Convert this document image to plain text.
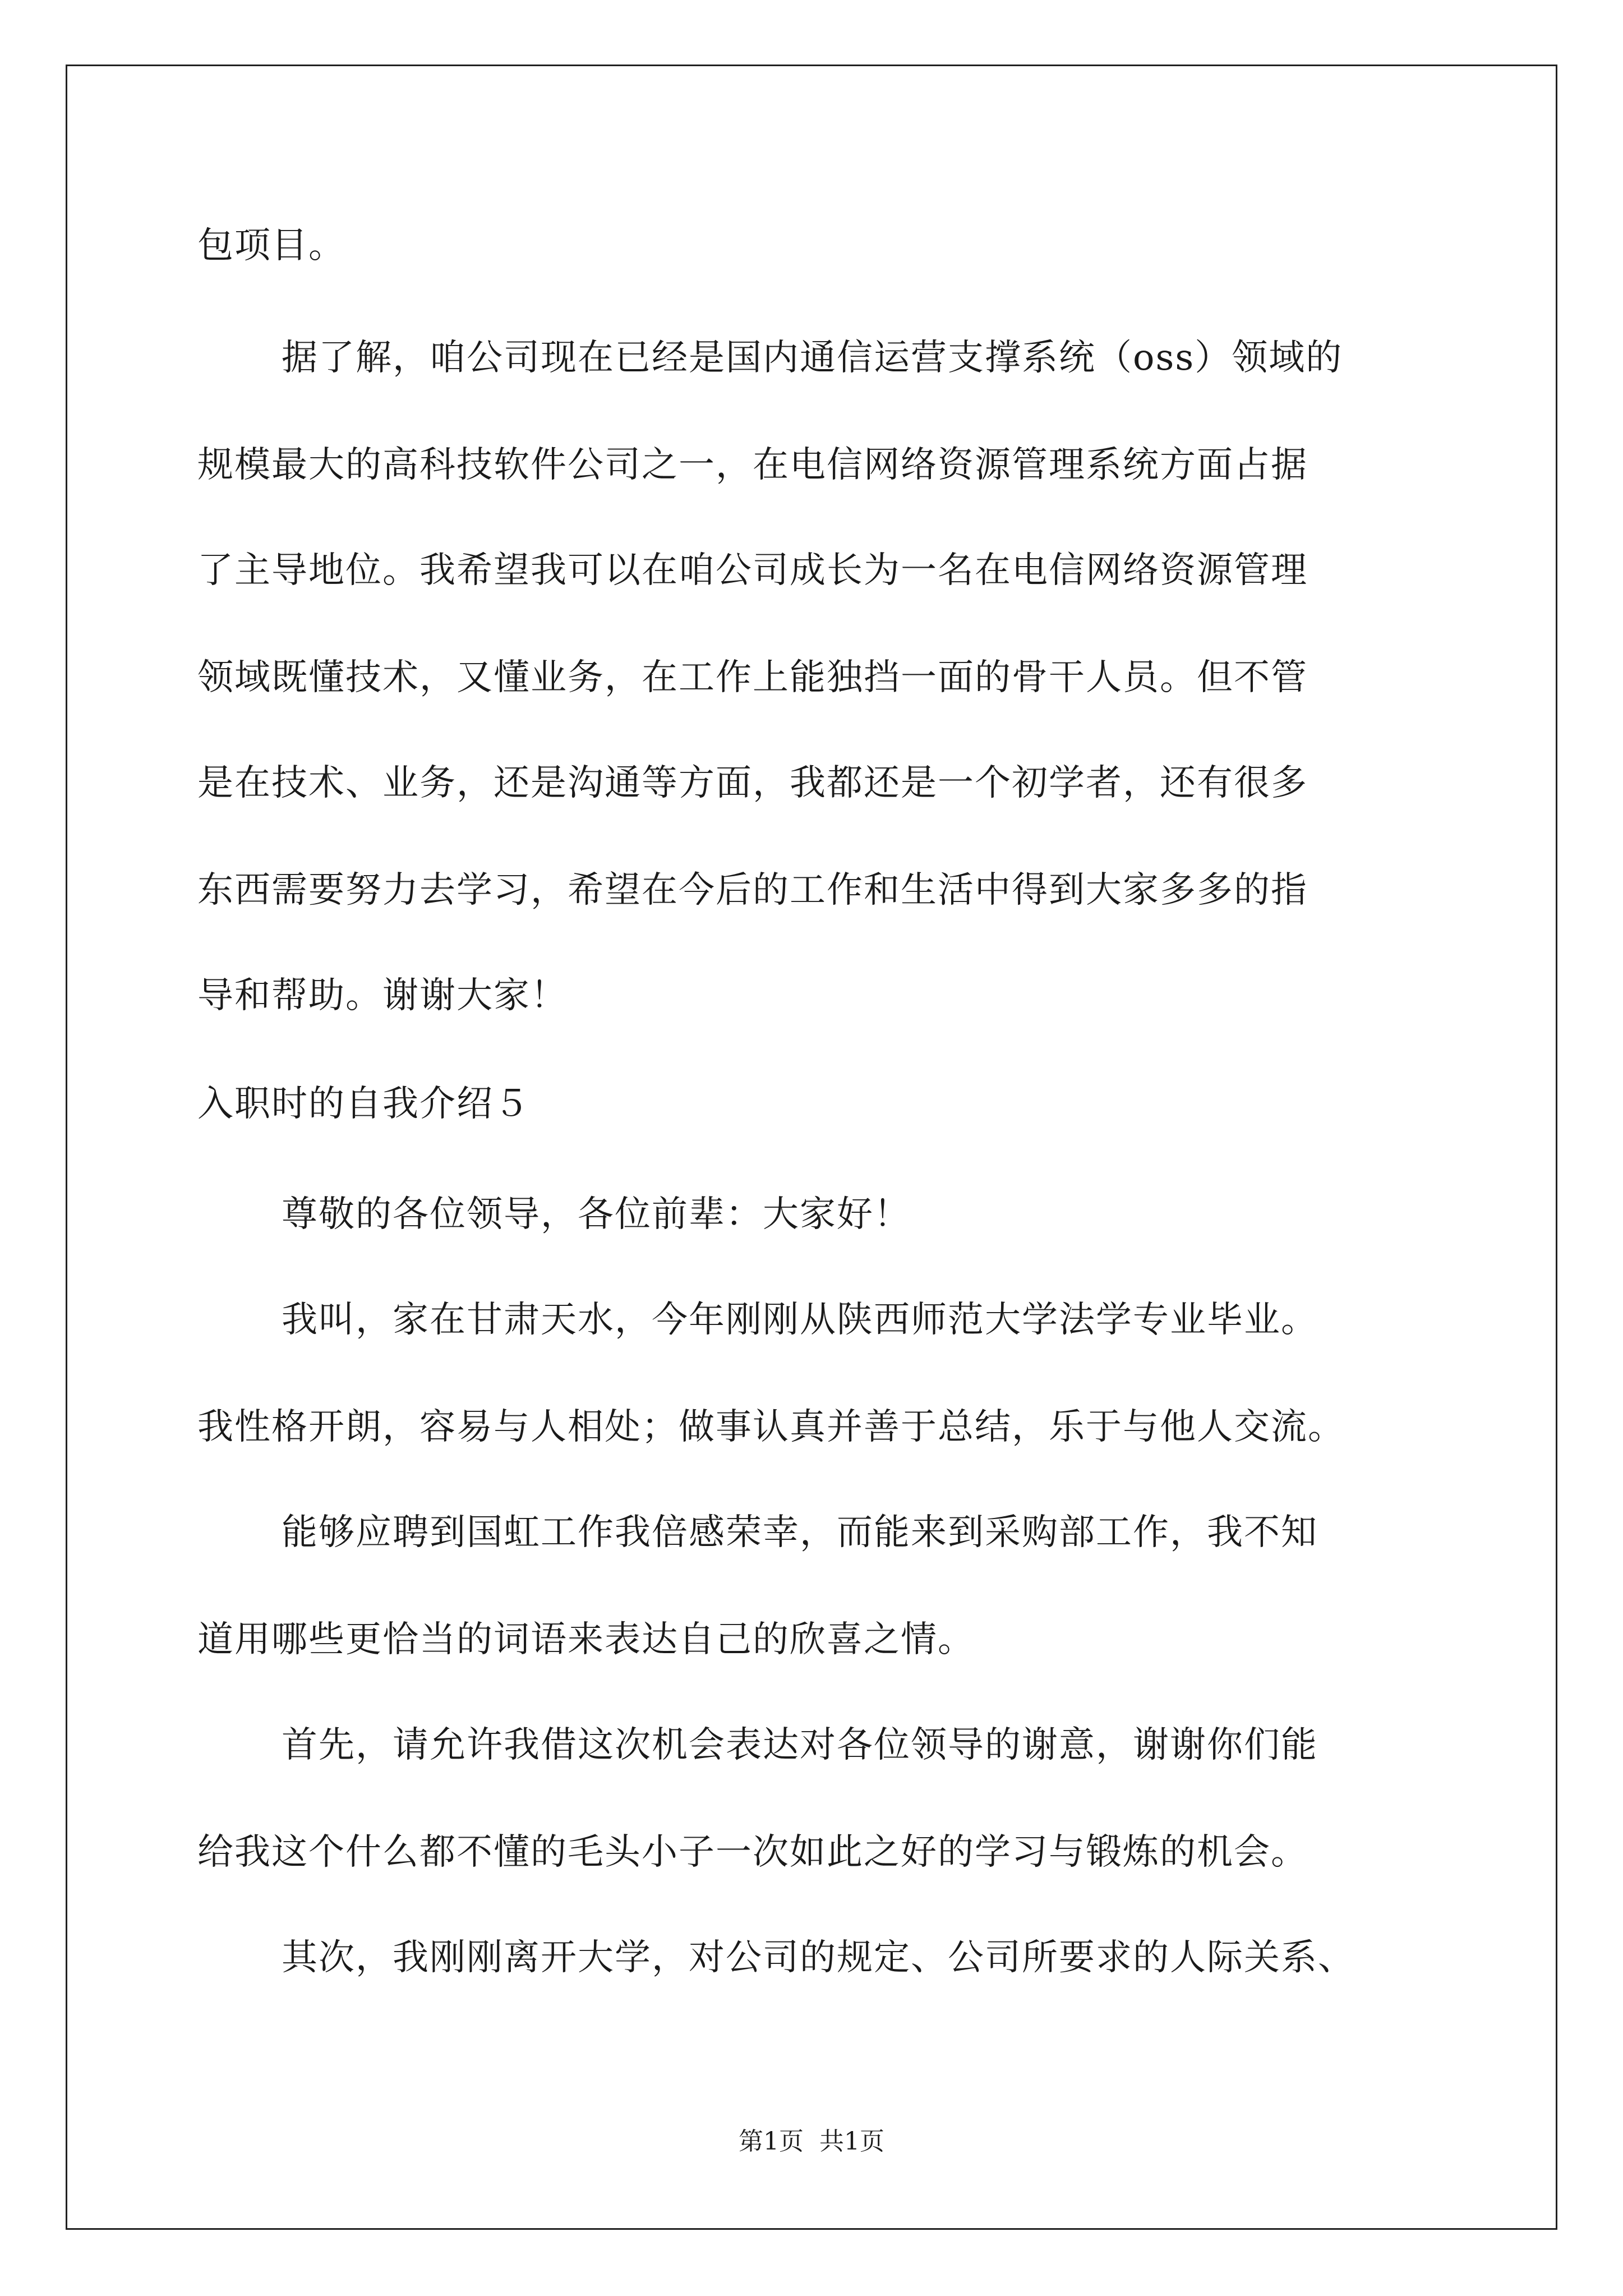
包项目。
据了解，咱公司现在已经是国内通信运营支撑系统（oss）领域的
规模最大的高科技软件公司之一，在电信网络资源管理系统方面占据
了主导地位。我希望我可以在咱公司成长为一名在电信网络资源管理
领域既懂技术，又懂业务，在工作上能独挡一面的骨干人员。但不管
是在技术、业务，还是沟通等方面，我都还是一个初学者，还有很多
东西需要努力去学习，希望在今后的工作和生活中得到大家多多的指
导和帮助。谢谢大家！
入职时的自我介绍５
尊敬的各位领导，各位前辈：大家好！
我叫，家在甘肃天水，今年刚刚从陕西师范大学法学专业毕业。
我性格开朗，容易与人相处；做事认真并善于总结，乐于与他人交流。
能够应聘到国虹工作我倍感荣幸，而能来到采购部工作，我不知
道用哪些更恰当的词语来表达自己的欣喜之情。
首先，请允许我借这次机会表达对各位领导的谢意，谢谢你们能
给我这个什么都不懂的毛头小子一次如此之好的学习与锻炼的机会。
其次，我刚刚离开大学，对公司的规定、公司所要求的人际关系、
第1页  共1页
